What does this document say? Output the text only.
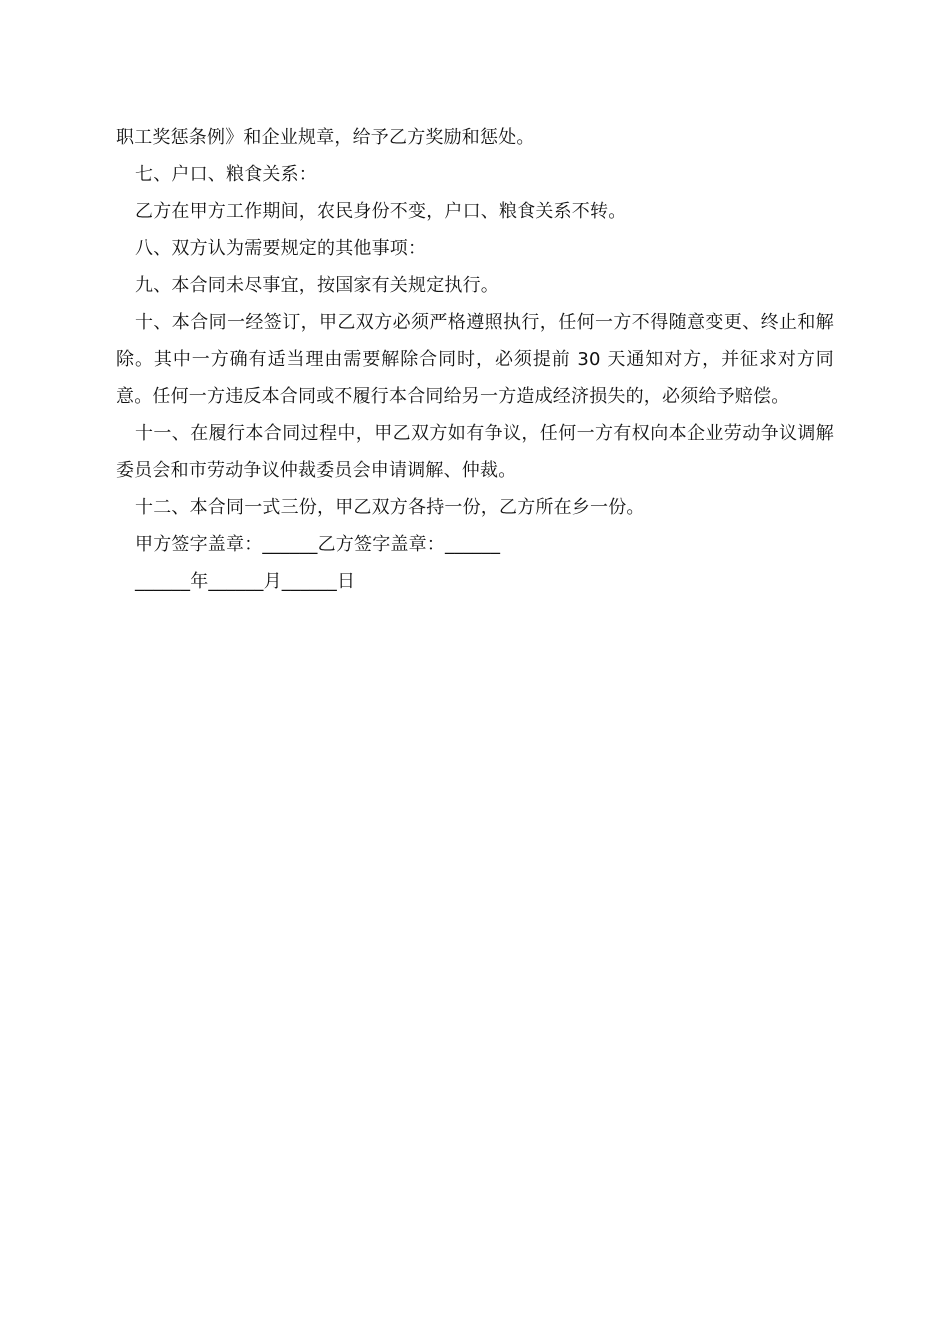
职工奖惩条例》和企业规章，给予乙方奖励和惩处。

七、户口、粮食关系：

乙方在甲方工作期间，农民身份不变，户口、粮食关系不转。

八、双方认为需要规定的其他事项：

九、本合同未尽事宜，按国家有关规定执行。

十、本合同一经签订，甲乙双方必须严格遵照执行，任何一方不得随意变更、终止和解除。其中一方确有适当理由需要解除合同时，必须提前 30 天通知对方，并征求对方同意。任何一方违反本合同或不履行本合同给另一方造成经济损失的，必须给予赔偿。

十一、在履行本合同过程中，甲乙双方如有争议，任何一方有权向本企业劳动争议调解委员会和市劳动争议仲裁委员会申请调解、仲裁。

十二、本合同一式三份，甲乙双方各持一份，乙方所在乡一份。

甲方签字盖章：______乙方签字盖章：______

______年______月______日
